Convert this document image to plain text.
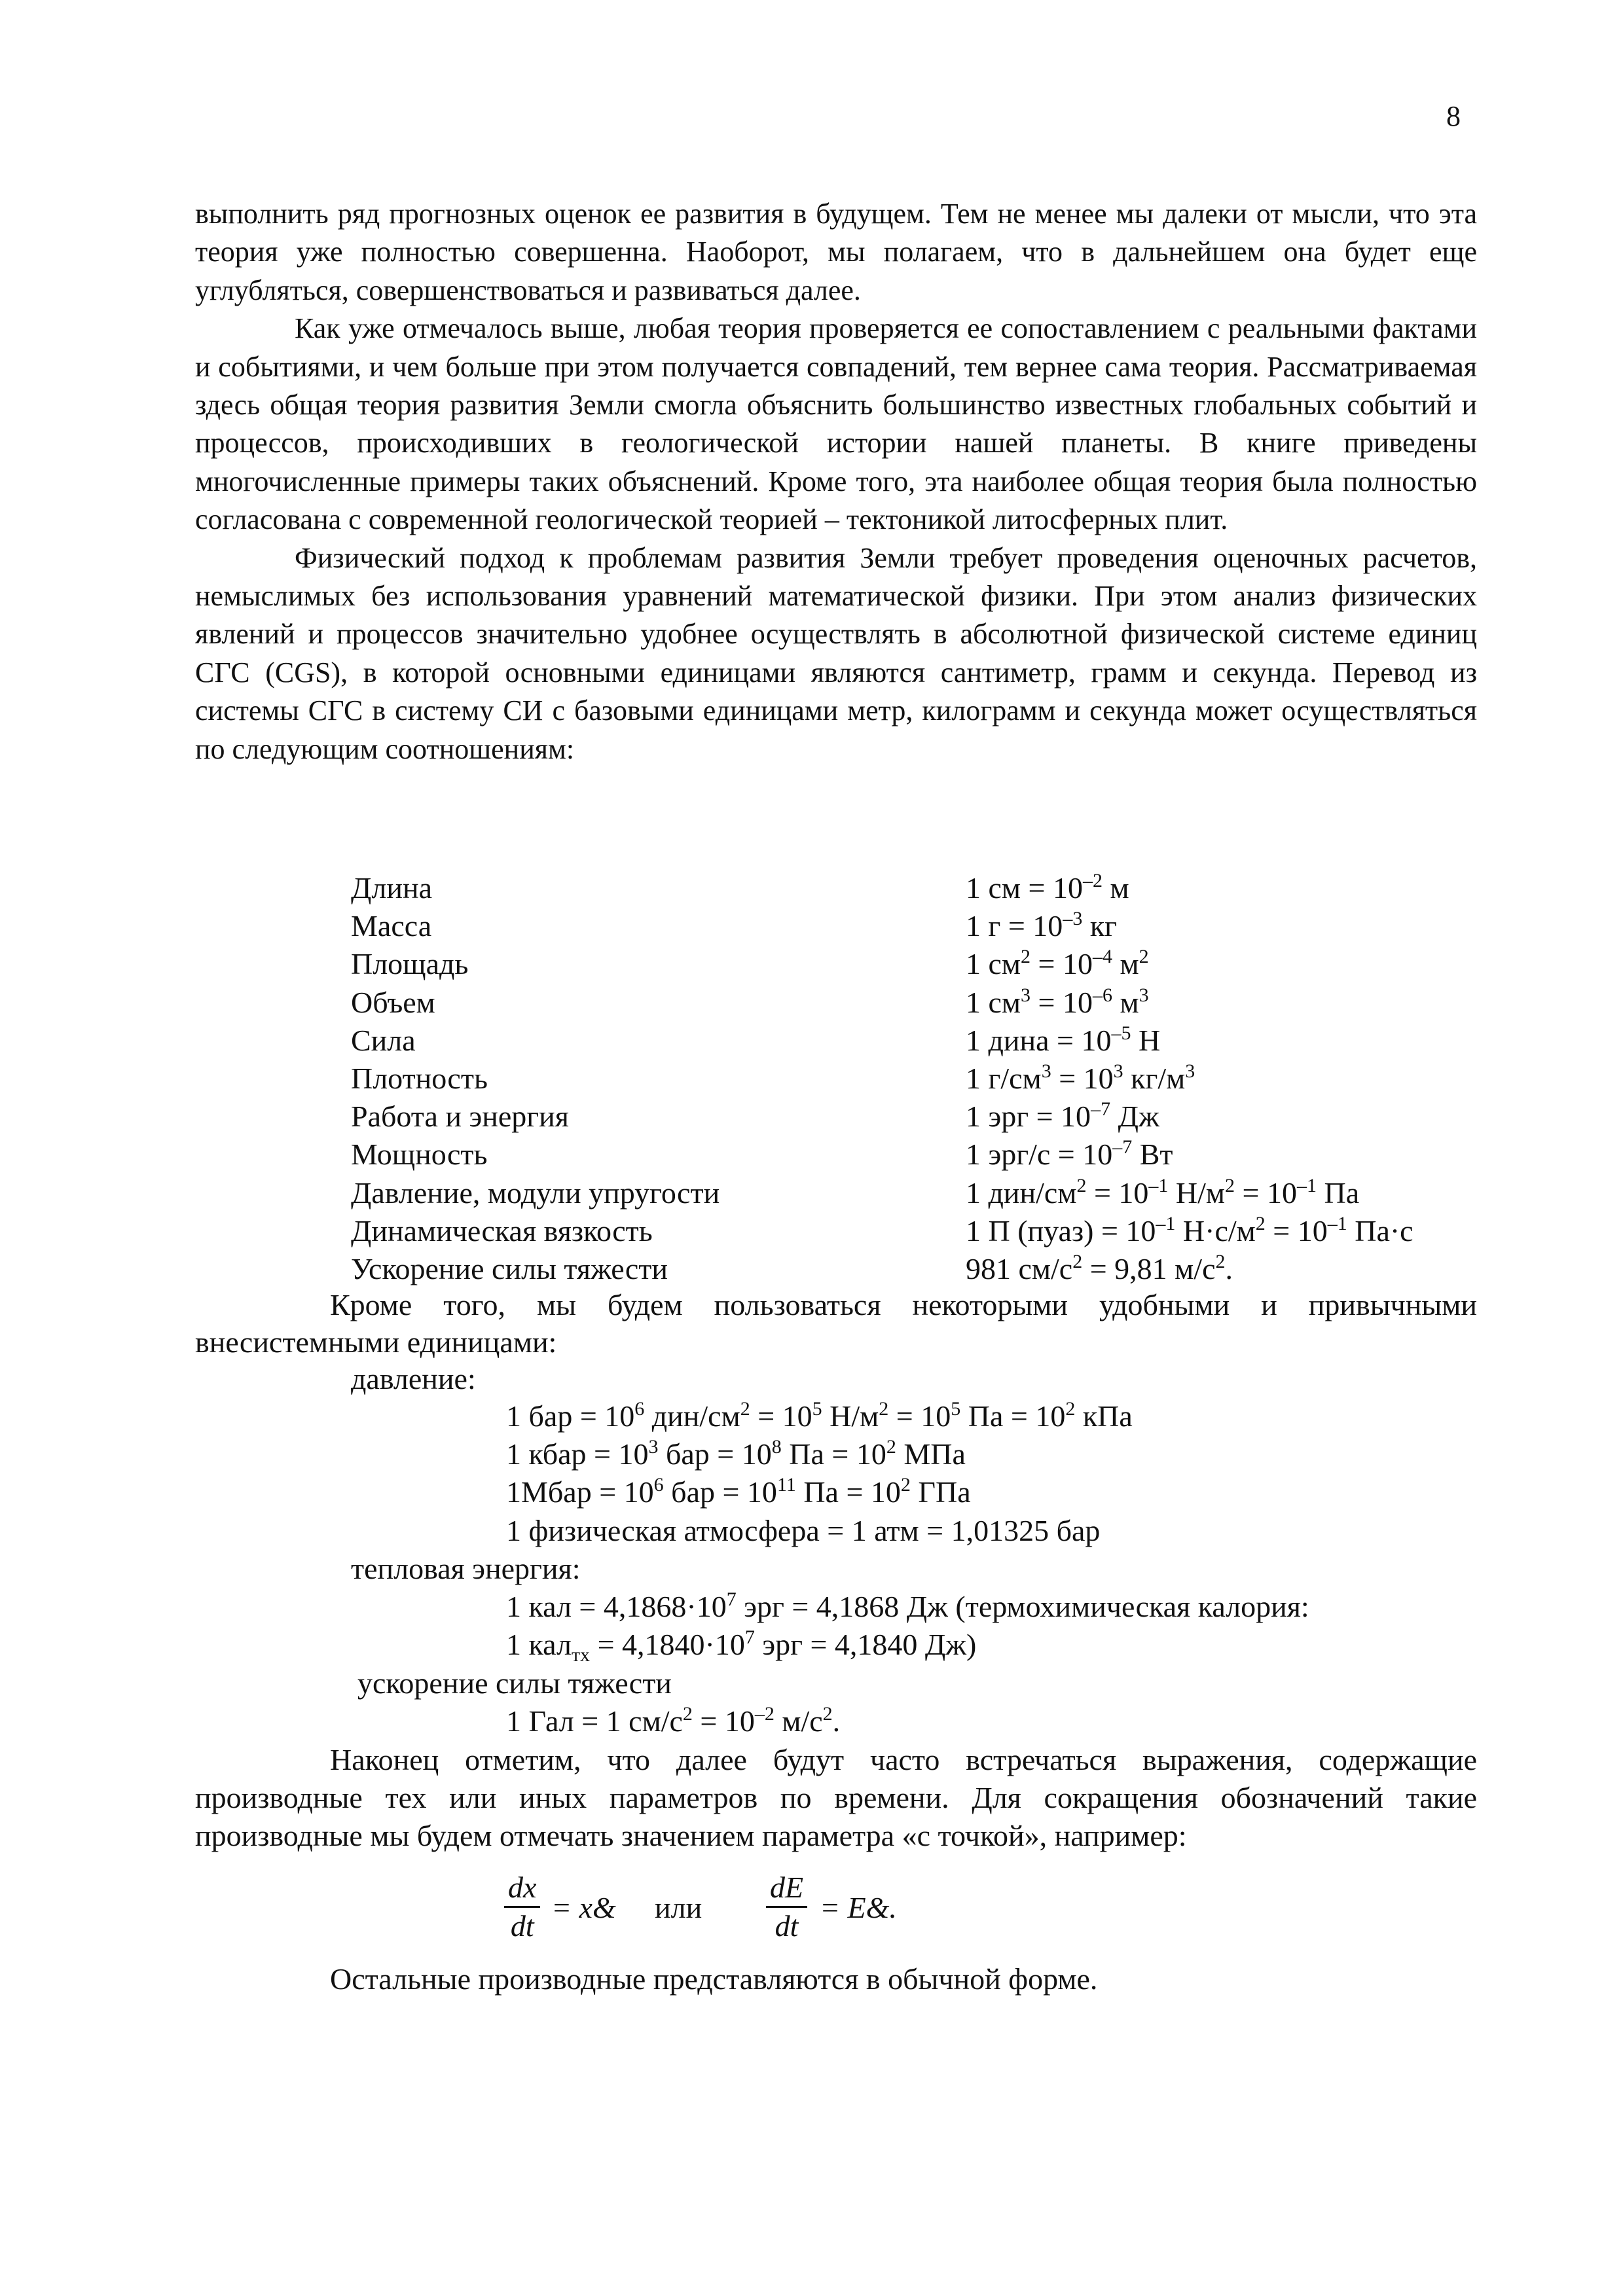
8

выполнить ряд прогнозных оценок ее развития в будущем. Тем не менее мы далеки от мысли, что эта теория уже полностью совершенна. Наоборот, мы полагаем, что в дальнейшем она будет еще углубляться, совершенствоваться и развиваться далее.

Как уже отмечалось выше, любая теория проверяется ее сопоставлением с реальными фактами и событиями, и чем больше при этом получается совпадений, тем вернее сама теория. Рассматриваемая здесь общая теория развития Земли смогла объяснить большинство известных глобальных событий и процессов, происходивших в геологической истории нашей планеты. В книге приведены многочисленные примеры таких объяснений. Кроме того, эта наиболее общая теория была полностью согласована с современной геологической теорией – тектоникой литосферных плит.

Физический подход к проблемам развития Земли требует проведения оценочных расчетов, немыслимых без использования уравнений математической физики. При этом анализ физических явлений и процессов значительно удобнее осуществлять в абсолютной физической системе единиц СГС (CGS), в которой основными единицами являются сантиметр, грамм и секунда. Перевод из системы СГС в систему СИ с базовыми единицами метр, килограмм и секунда может осуществляться по следующим соотношениям:

Длина	1 см = $10^{-2}$ м
Масса	1 $г = 10^{-3}$ кг
Площадь	1 $см^2 = 10^{-4}$ $м^2$
Объем	1 $см^3 = 10^{-6}$ $м^3$
Сила	1 дина = $10^{-5}$ Н
Плотность	1 $г/см^3 = 10^3$ $кг/м^3$
Работа и энергия	1 эрг = $10^{-7}$ Дж
Мощность	1 $эрг/с = 10^{-7}$ Вт
Давление, модули упругости	1 дин/$см^2 = 10^{-1}$ $Н/м^2 = 10^{-1}$ Па
Динамическая вязкость	1 П (пуаз) = $10^{-1}$ $Н\cdot с/м^2 = 10^{-1}$ Па·с
Ускорение силы тяжести	981 $см/с^2 = 9,81$ $м/с^2$.
Кроме того, мы будем пользоваться некоторыми удобными и привычными внесистемными единицами:
давление:
1 бар = $10^6$ дин/$см^2 = 10^5$ $Н/м^2 = 10^5$ Па = $10^2$ кПа
1 кбар = $10^3$ бар = $10^8$ Па = $10^2$ МПа
1Мбар = $10^6$ бар = $10^{11}$ Па = $10^2$ ГПа
1 физическая атмосфера = 1 атм = 1,01325 бар
тепловая энергия:
1 кал = $4,1868\cdot 10^7$ эрг = 4,1868 Дж (термохимическая калория:
1 $кал_{тх} = 4,1840\cdot 10^7$ эрг = 4,1840 Дж)
ускорение силы тяжести
1 Гал = 1 $см/с^2 = 10^{-2}$ $м/с^2$.
Наконец отметим, что далее будут часто встречаться выражения, содержащие производные тех или иных параметров по времени. Для сокращения обозначений такие производные мы будем отмечать значением параметра «с точкой», например:
$\frac{dx}{dt}$ = x& или $\frac{dE}{dt}$ = E&.
Остальные производные представляются в обычной форме.
